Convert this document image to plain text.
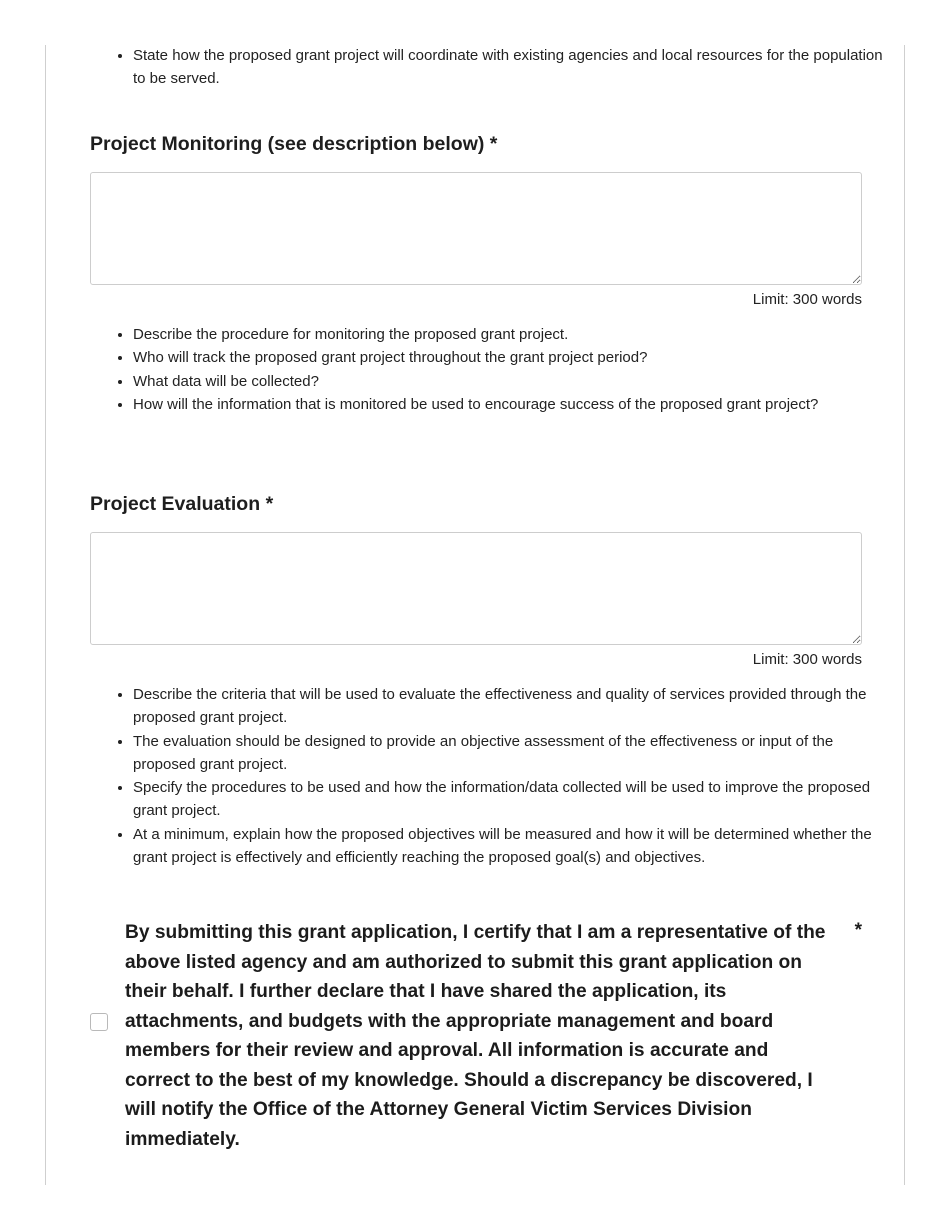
• State how the proposed grant project will coordinate with existing agencies and local resources for the population to be served.
Project Monitoring (see description below) *
Limit: 300 words
• Describe the procedure for monitoring the proposed grant project.
• Who will track the proposed grant project throughout the grant project period?
• What data will be collected?
• How will the information that is monitored be used to encourage success of the proposed grant project?
Project Evaluation *
Limit: 300 words
• Describe the criteria that will be used to evaluate the effectiveness and quality of services provided through the proposed grant project.
• The evaluation should be designed to provide an objective assessment of the effectiveness or input of the proposed grant project.
• Specify the procedures to be used and how the information/data collected will be used to improve the proposed grant project.
• At a minimum, explain how the proposed objectives will be measured and how it will be determined whether the grant project is effectively and efficiently reaching the proposed goal(s) and objectives.
By submitting this grant application, I certify that I am a representative of the above listed agency and am authorized to submit this grant application on their behalf. I further declare that I have shared the application, its attachments, and budgets with the appropriate management and board members for their review and approval. All information is accurate and correct to the best of my knowledge. Should a discrepancy be discovered, I will notify the Office of the Attorney General Victim Services Division immediately.
*
